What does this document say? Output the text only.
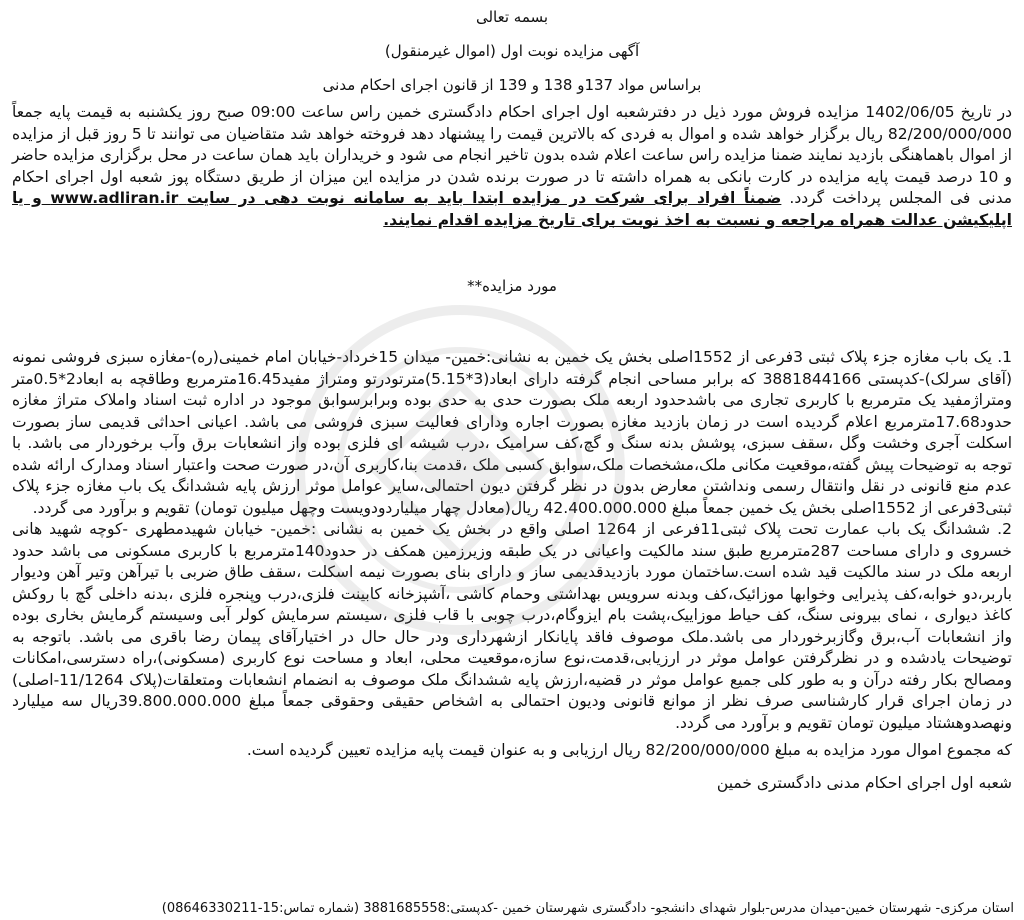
بسمه تعالی
آگهی مزایده نوبت اول (اموال غیرمنقول)
براساس مواد 137و 138 و 139 از قانون اجرای احکام مدنی

در تاریخ 1402/06/05 مزایده فروش مورد ذیل در دفترشعبه اول اجرای احکام دادگستری خمین راس ساعت 09:00 صبح روز یکشنبه به قیمت پایه جمعاً 82/200/000/000 ریال برگزار خواهد شده و اموال به فردی که بالاترین قیمت را پیشنهاد دهد فروخته خواهد شد متقاضیان می توانند تا 5 روز قبل از مزایده از اموال باهماهنگی بازدید نمایند ضمنا مزایده راس ساعت اعلام شده بدون تاخیر انجام می شود و خریداران باید همان ساعت در محل برگزاری مزایده حاضر و 10 درصد قیمت پایه مزایده در کارت بانکی به همراه داشته تا در صورت برنده شدن در مزایده این میزان از طریق دستگاه پوز شعبه اول اجرای احکام مدنی فی المجلس پرداخت گردد. ضمناً افراد برای شرکت در مزایده ابتدا باید به سامانه نوبت دهی در سایت www.adliran.ir و یا اپلیکیشن عدالت همراه مراجعه و نسبت به اخذ نوبت برای تاریخ مزایده اقدام نمایند.

مورد مزایده**

1. یک باب مغازه جزء پلاک ثبتی 3فرعی از 1552اصلی بخش یک خمین به نشانی:خمین- میدان 15خرداد-خیابان امام خمینی(ره)-مغازه سبزی فروشی نمونه (آقای سرلک)-کدپستی 3881844166 که برابر مساحی انجام گرفته دارای ابعاد(3*5.15)مترتودرتو ومتراژ مفید16.45مترمربع وطاقچه به ابعاد2*0.5متر ومتراژمفید یک مترمربع با کاربری تجاری می باشدحدود اربعه ملک بصورت حدی به حدی بوده وبرابرسوابق موجود در اداره ثبت اسناد واملاک متراژ مغازه حدود17.68مترمربع اعلام گردیده است در زمان بازدید مغازه بصورت اجاره ودارای فعالیت سبزی فروشی می باشد. اعیانی احداثی قدیمی ساز بصورت اسکلت آجری وخشت وگل ،سقف سبزی، پوشش بدنه سنگ و گچ،کف سرامیک ،درب شیشه ای فلزی بوده واز انشعابات برق وآب برخوردار می باشد. با توجه به توضیحات پیش گفته،موقعیت مکانی ملک،مشخصات ملک،سوابق کسبی ملک ،قدمت بنا،کاربری آن،در صورت صحت واعتبار اسناد ومدارک ارائه شده عدم منع قانونی در نقل وانتقال رسمی ونداشتن معارض بدون در نظر گرفتن دیون احتمالی،سایر عوامل موثر ارزش پایه ششدانگ یک باب مغازه جزء پلاک ثبتی3فرعی از 1552اصلی بخش یک خمین جمعاً مبلغ 42.400.000.000 ریال(معادل چهار میلیاردودویست وچهل میلیون تومان) تقویم و برآورد می گردد.

2. ششدانگ یک باب عمارت تحت پلاک ثبتی11فرعی از 1264 اصلی واقع در بخش یک خمین به نشانی :خمین- خیابان شهیدمطهری -کوچه شهید هانی خسروی و دارای مساحت 287مترمربع طبق سند مالکیت واعیانی در یک طبقه وزیرزمین همکف در حدود140مترمربع با کاربری مسکونی می باشد حدود اربعه ملک در سند مالکیت قید شده است.ساختمان مورد بازدیدقدیمی ساز و دارای بنای بصورت نیمه اسکلت ،سقف طاق ضربی با تیرآهن وتیر آهن ودیوار باربر،دو خوابه،کف پذیرایی وخوابها موزائیک،کف وبدنه سرویس بهداشتی وحمام کاشی ،آشپزخانه کابینت فلزی،درب وپنجره فلزی ،بدنه داخلی گچ با روکش کاغذ دیواری ، نمای بیرونی سنگ، کف حیاط موزاییک،پشت بام ایزوگام،درب چوبی با قاب فلزی ،سیستم سرمایش کولر آبی وسیستم گرمایش بخاری بوده واز انشعابات آب،برق وگازبرخوردار می باشد.ملک موصوف فاقد پایانکار ازشهرداری ودر حال حال در اختیارآقای پیمان رضا باقری می باشد. باتوجه به توضیحات یادشده و در نظرگرفتن عوامل موثر در ارزیابی،قدمت،نوع سازه،موقعیت محلی، ابعاد و مساحت نوع کاربری (مسکونی)،راه دسترسی،امکانات ومصالح بکار رفته درآن و به طور کلی جمیع عوامل موثر در قضیه،ارزش پایه ششدانگ ملک موصوف به انضمام انشعابات ومتعلقات(پلاک 11/1264-اصلی) در زمان اجرای قرار کارشناسی صرف نظر از موانع قانونی ودیون احتمالی به اشخاص حقیقی وحقوقی جمعاً مبلغ 39.800.000.000ریال سه میلیارد ونهصدوهشتاد میلیون تومان تقویم و برآورد می گردد.

که مجموع اموال مورد مزایده به مبلغ 82/200/000/000 ریال ارزیابی و به عنوان قیمت پایه مزایده تعیین گردیده است.
شعبه اول اجرای احکام مدنی دادگستری خمین
استان مرکزی- شهرستان خمین-میدان مدرس-بلوار شهدای دانشجو- دادگستری شهرستان خمین -کدپستی:3881685558 (شماره تماس:15-08646330211)
